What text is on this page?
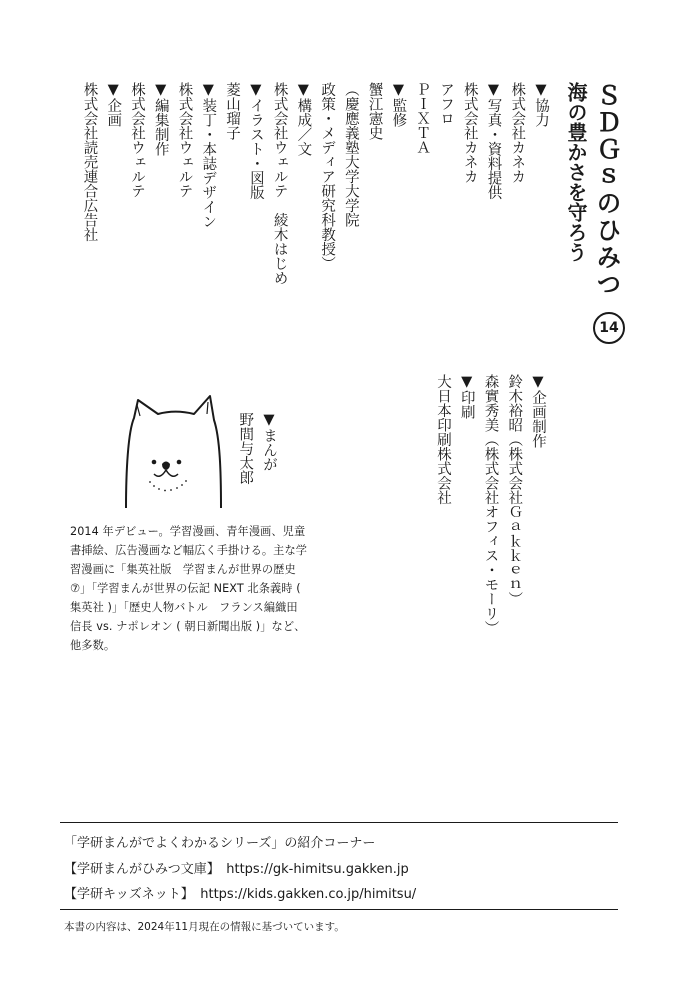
ＳＤＧｓのひみつ
海の豊かさを守ろう
14
▼協力
株式会社カネカ
▼写真・資料提供
株式会社カネカ
アフロ
ＰＩＸＴＡ
▼監修
蟹江憲史
（慶應義塾大学大学院
政策・メディア研究科教授）
▼構成／文
株式会社ウェルテ　綾木はじめ
▼イラスト・図版
菱山瑠子
▼装丁・本誌デザイン
株式会社ウェルテ
▼編集制作
株式会社ウェルテ
▼企画
株式会社読売連合広告社
▼企画制作
鈴木裕昭（株式会社Ｇａｋｋｅｎ）
森實秀美（株式会社オフィス・モーリ）
▼印刷
大日本印刷株式会社
▼まんが
野間与太郎

2014 年デビュー。学習漫画、青年漫画、児童書挿絵、広告漫画など幅広く手掛ける。主な学習漫画に「集英社版　学習まんが世界の歴史⑦」「学習まんが世界の伝記 NEXT 北条義時 ( 集英社 )」「歴史人物バトル　フランス編織田信長 vs. ナポレオン ( 朝日新聞出版 )」など、他多数。

「学研まんがでよくわかるシリーズ」の紹介コーナー

【学研まんがひみつ文庫】 https://gk-himitsu.gakken.jp

【学研キッズネット】 https://kids.gakken.co.jp/himitsu/

本書の内容は、2024年11月現在の情報に基づいています。
